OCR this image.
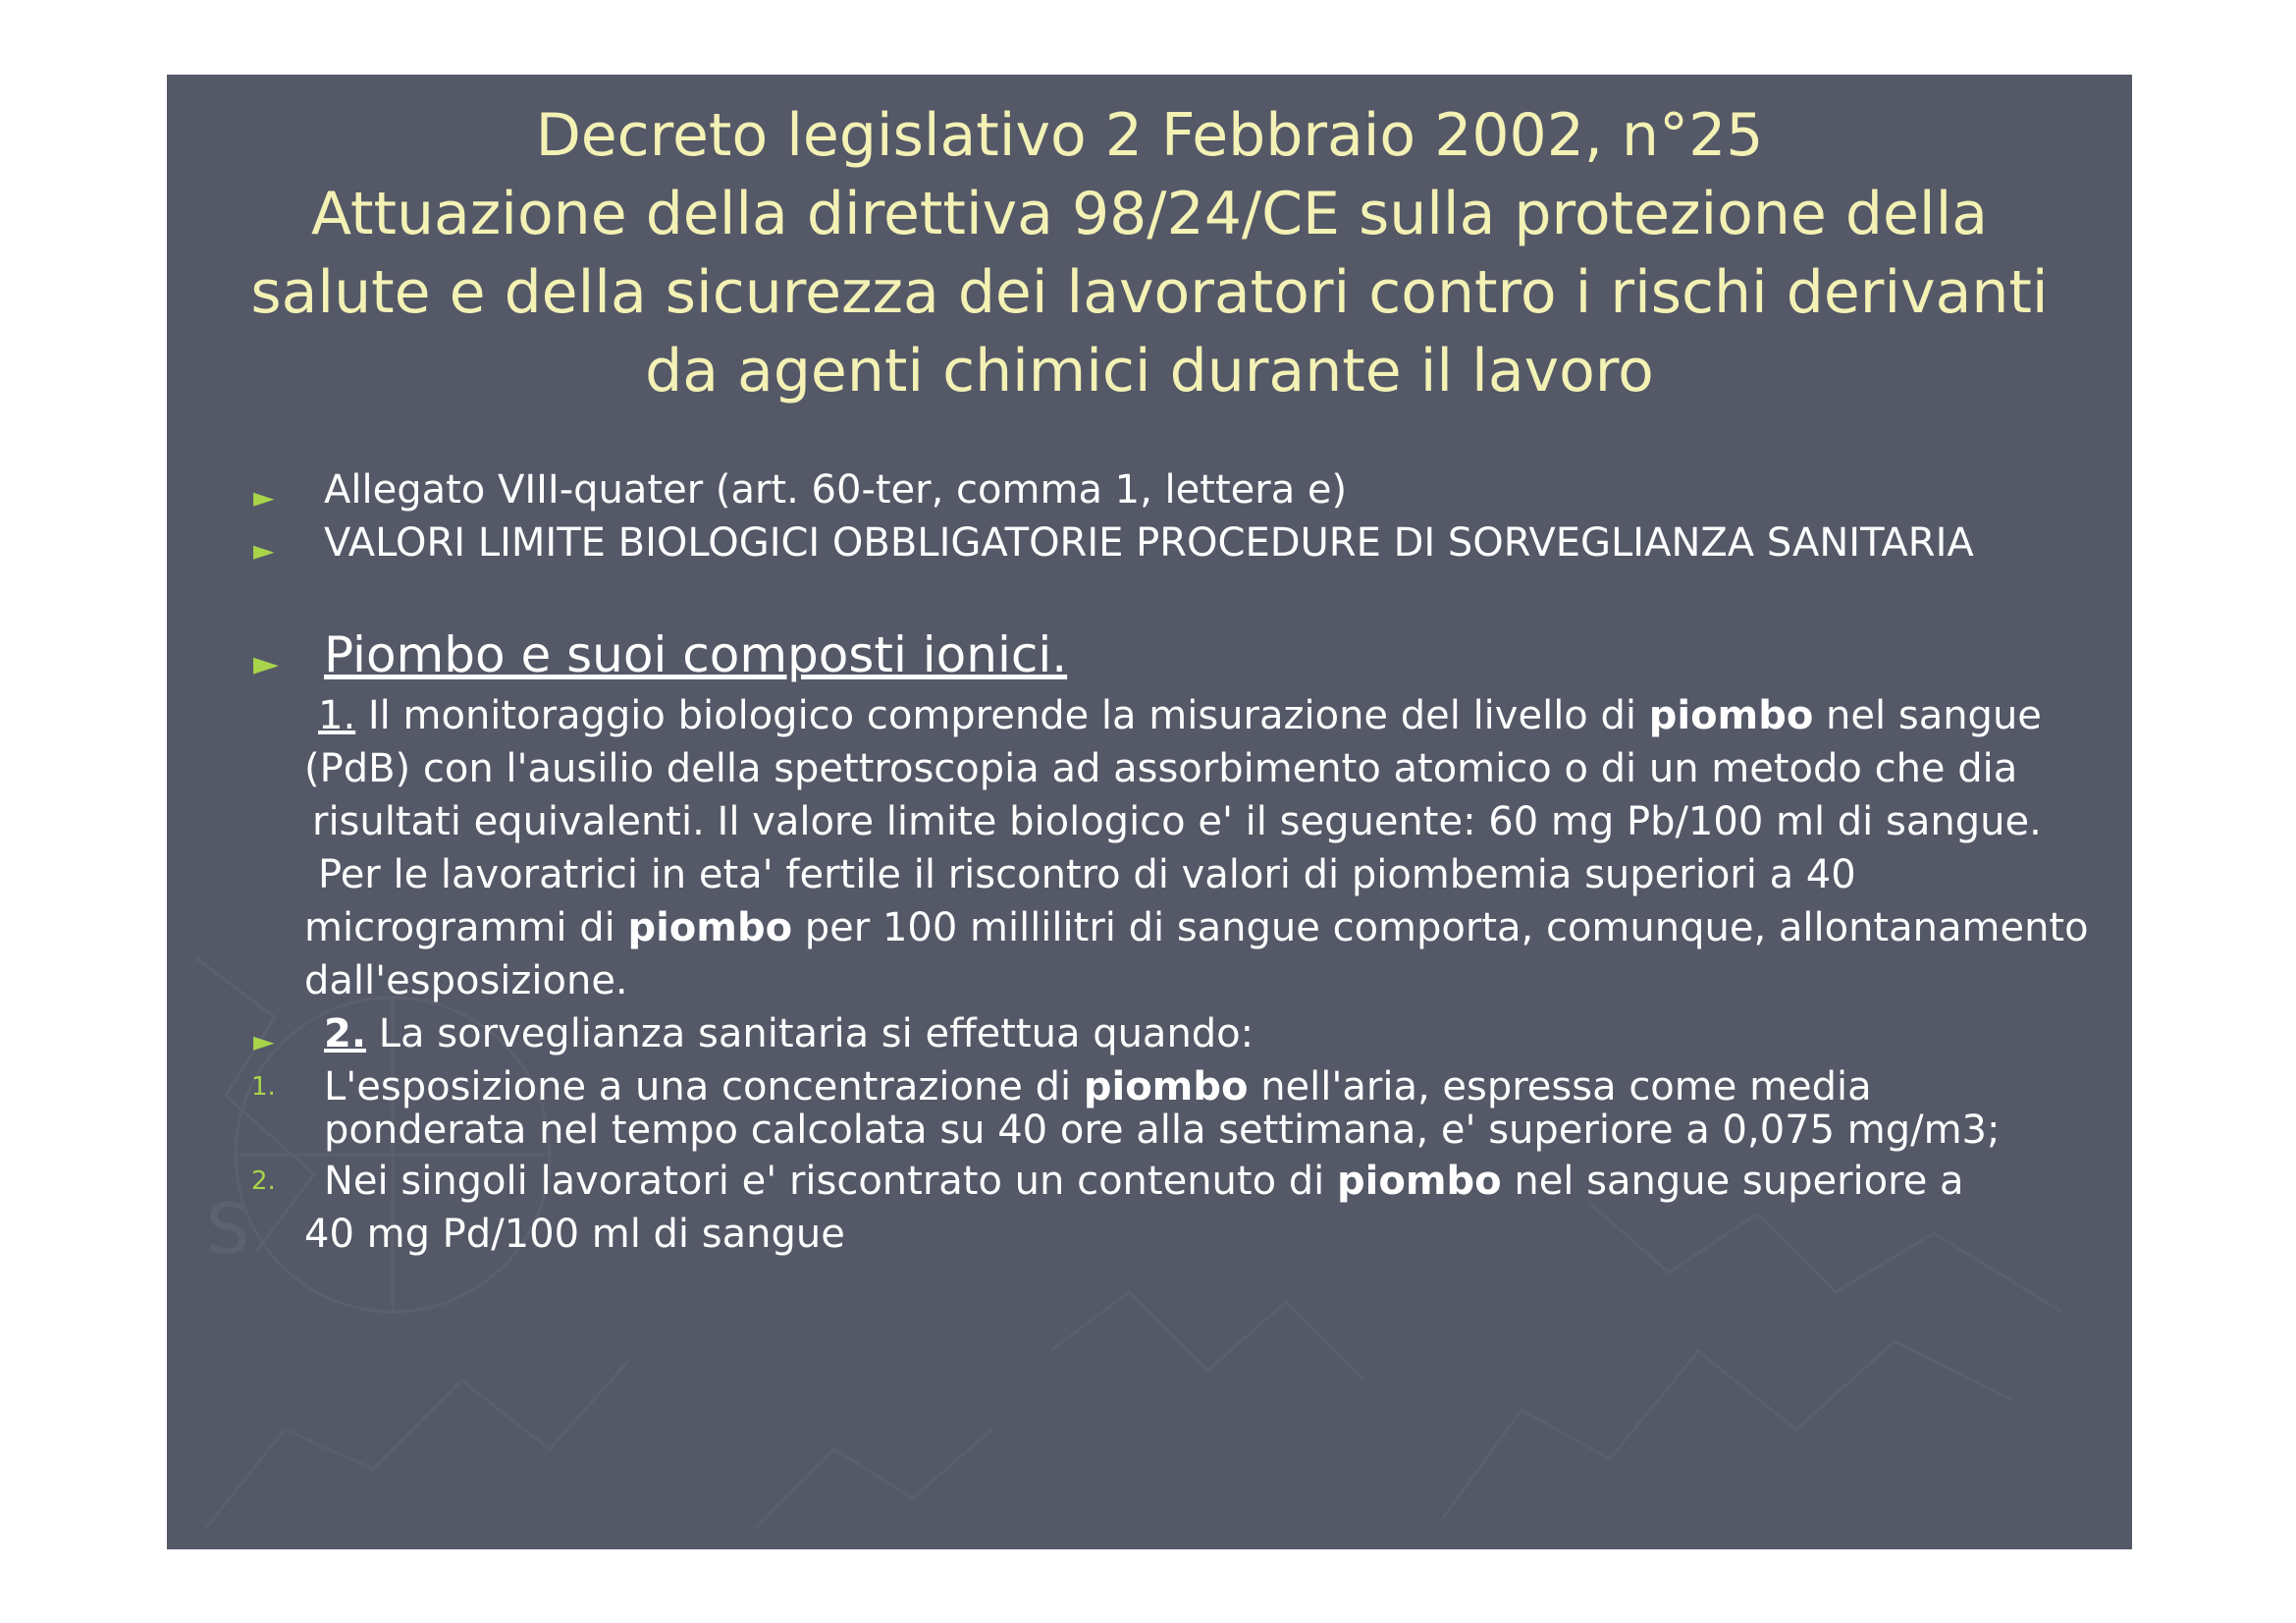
S
Decreto legislativo 2 Febbraio 2002, n°25
Attuazione della direttiva 98/24/CE sulla protezione della
salute e della sicurezza dei lavoratori contro i rischi derivanti
da agenti chimici durante il lavoro
► Allegato VIII-quater (art. 60-ter, comma 1, lettera e)
► VALORI LIMITE BIOLOGICI OBBLIGATORIE PROCEDURE DI SORVEGLIANZA SANITARIA
► Piombo e suoi composti ionici.
1. Il monitoraggio biologico comprende la misurazione del livello di piombo nel sangue
(PdB) con l'ausilio della spettroscopia ad assorbimento atomico o di un metodo che dia
risultati equivalenti. Il valore limite biologico e' il seguente: 60 mg Pb/100 ml di sangue.
Per le lavoratrici in eta' fertile il riscontro di valori di piombemia superiori a 40
microgrammi di piombo per 100 millilitri di sangue comporta, comunque, allontanamento
dall'esposizione.
► 2. La sorveglianza sanitaria si effettua quando:
1. L'esposizione a una concentrazione di piombo nell'aria, espressa come media
ponderata nel tempo calcolata su 40 ore alla settimana, e' superiore a 0,075 mg/m3;
2. Nei singoli lavoratori e' riscontrato un contenuto di piombo nel sangue superiore a
40 mg Pd/100 ml di sangue
